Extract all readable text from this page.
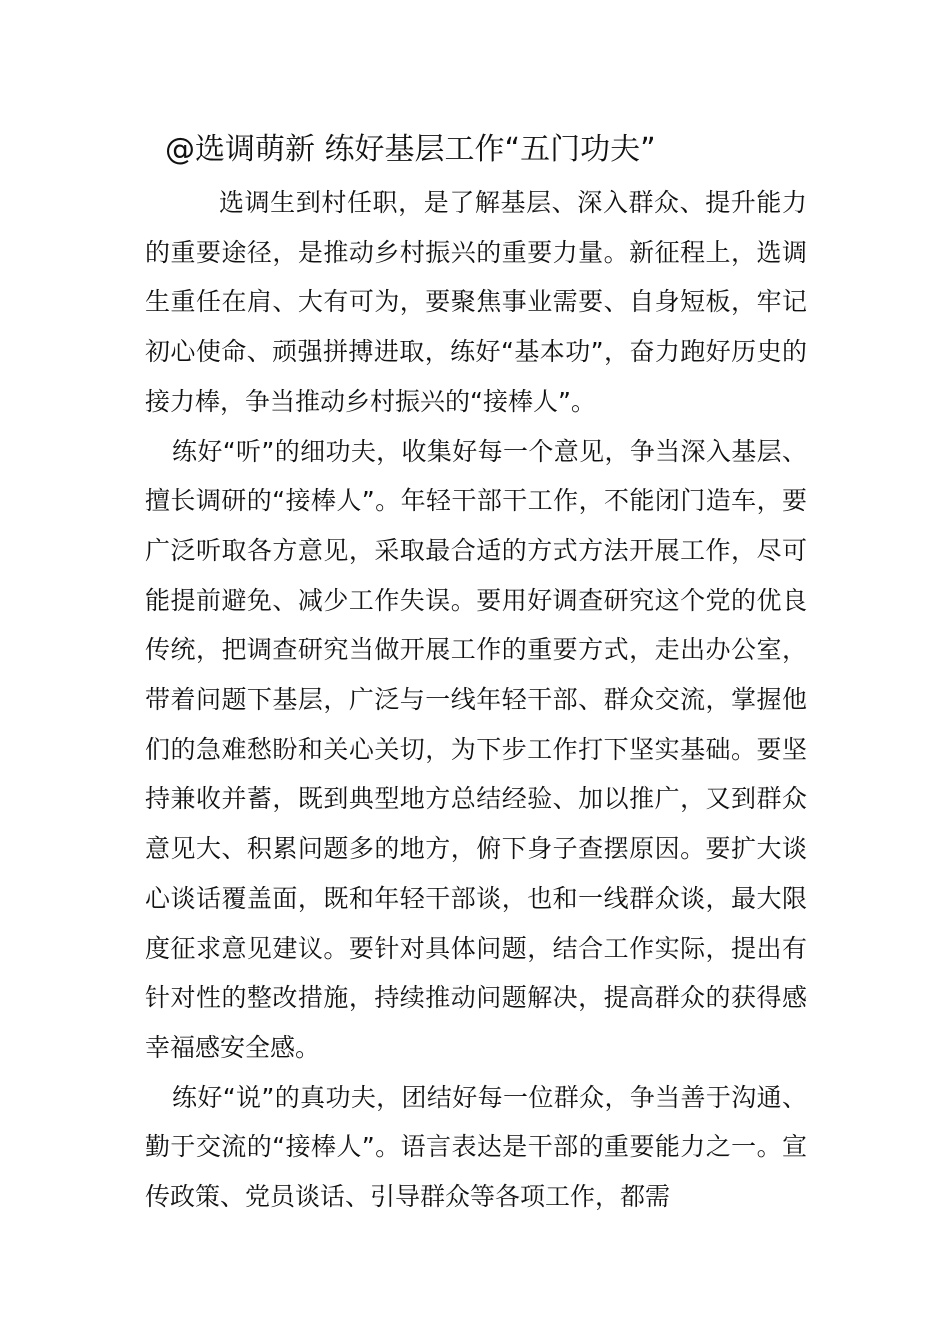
@选调萌新 练好基层工作“五门功夫”

选调生到村任职，是了解基层、深入群众、提升能力的重要途径，是推动乡村振兴的重要力量。新征程上，选调生重任在肩、大有可为，要聚焦事业需要、自身短板，牢记初心使命、顽强拼搏进取，练好“基本功”，奋力跑好历史的接力棒，争当推动乡村振兴的“接棒人”。

练好“听”的细功夫，收集好每一个意见，争当深入基层、擅长调研的“接棒人”。年轻干部干工作，不能闭门造车，要广泛听取各方意见，采取最合适的方式方法开展工作，尽可能提前避免、减少工作失误。要用好调查研究这个党的优良传统，把调查研究当做开展工作的重要方式，走出办公室，带着问题下基层，广泛与一线年轻干部、群众交流，掌握他们的急难愁盼和关心关切，为下步工作打下坚实基础。要坚持兼收并蓄，既到典型地方总结经验、加以推广，又到群众意见大、积累问题多的地方，俯下身子查摆原因。要扩大谈心谈话覆盖面，既和年轻干部谈，也和一线群众谈，最大限度征求意见建议。要针对具体问题，结合工作实际，提出有针对性的整改措施，持续推动问题解决，提高群众的获得感幸福感安全感。

练好“说”的真功夫，团结好每一位群众，争当善于沟通、勤于交流的“接棒人”。语言表达是干部的重要能力之一。宣传政策、党员谈话、引导群众等各项工作，都需
